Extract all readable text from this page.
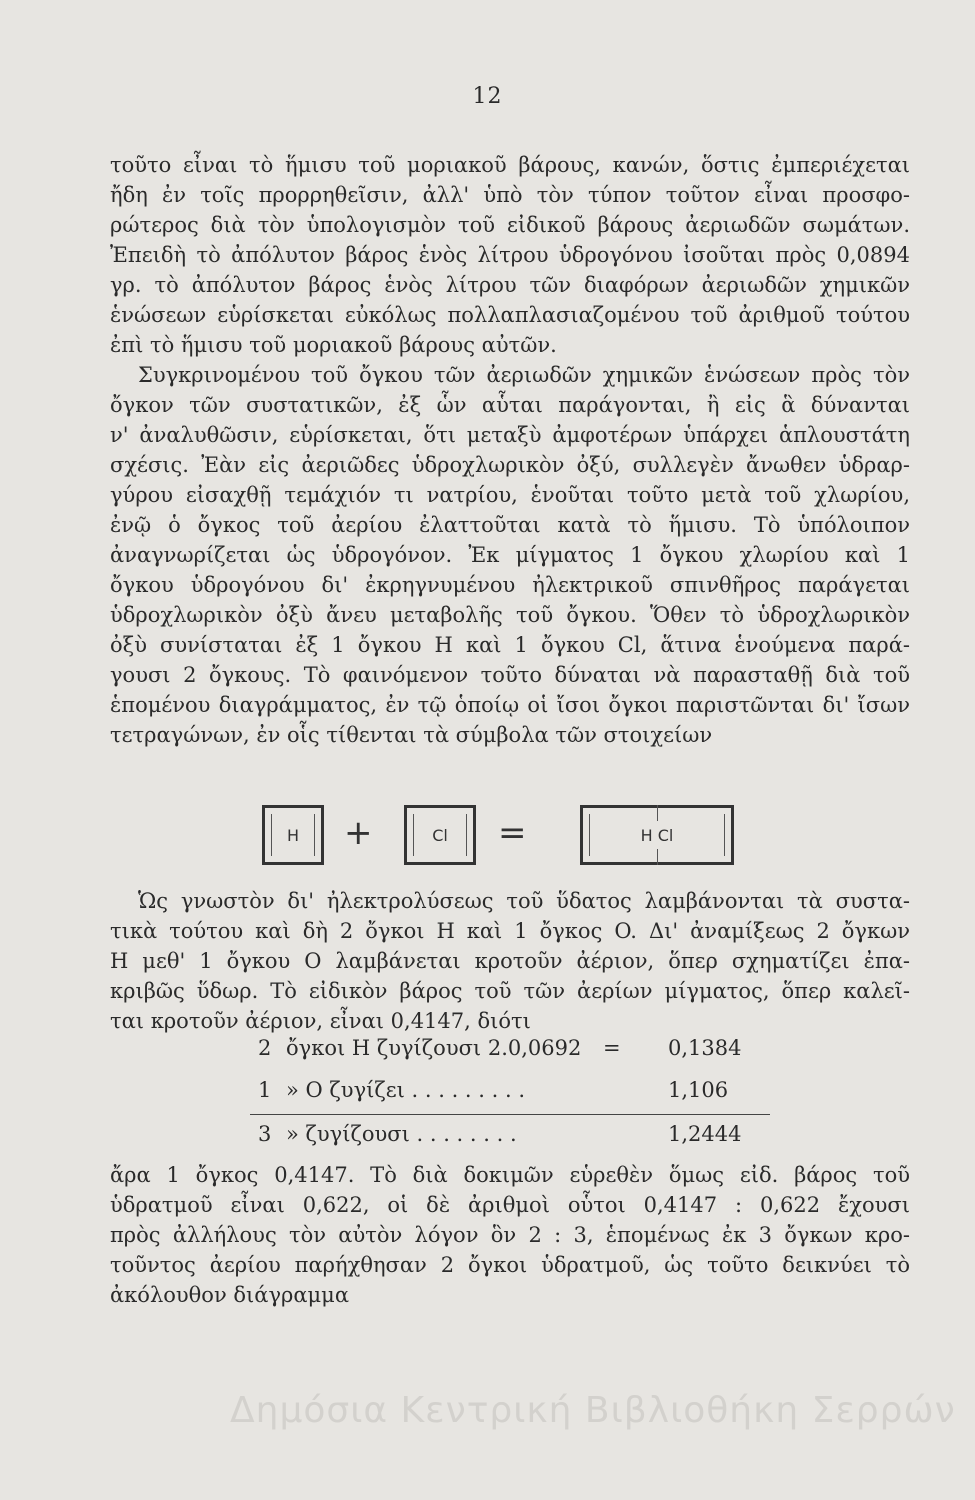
12
τοῦτο εἶναι τὸ ἥμισυ τοῦ μοριακοῦ βάρους, κανών, ὅστις ἐμπεριέχεται
ἤδη ἐν τοῖς προρρηθεῖσιν, ἀλλ' ὑπὸ τὸν τύπον τοῦτον εἶναι προσφο-
ρώτερος διὰ τὸν ὑπολογισμὸν τοῦ εἰδικοῦ βάρους ἀεριωδῶν σωμάτων.
Ἐπειδὴ τὸ ἀπόλυτον βάρος ἑνὸς λίτρου ὑδρογόνου ἰσοῦται πρὸς 0,0894
γρ. τὸ ἀπόλυτον βάρος ἑνὸς λίτρου τῶν διαφόρων ἀεριωδῶν χημικῶν
ἑνώσεων εὑρίσκεται εὐκόλως πολλαπλασιαζομένου τοῦ ἀριθμοῦ τούτου
ἐπὶ τὸ ἥμισυ τοῦ μοριακοῦ βάρους αὐτῶν.
Συγκρινομένου τοῦ ὄγκου τῶν ἀεριωδῶν χημικῶν ἑνώσεων πρὸς τὸν
ὄγκον τῶν συστατικῶν, ἐξ ὧν αὗται παράγονται, ἢ εἰς ἃ δύνανται
ν' ἀναλυθῶσιν, εὑρίσκεται, ὅτι μεταξὺ ἀμφοτέρων ὑπάρχει ἁπλουστάτη
σχέσις. Ἐὰν εἰς ἀεριῶδες ὑδροχλωρικὸν ὀξύ, συλλεγὲν ἄνωθεν ὑδραρ-
γύρου εἰσαχθῇ τεμάχιόν τι νατρίου, ἑνοῦται τοῦτο μετὰ τοῦ χλωρίου,
ἐνῷ ὁ ὄγκος τοῦ ἀερίου ἐλαττοῦται κατὰ τὸ ἥμισυ. Τὸ ὑπόλοιπον
ἀναγνωρίζεται ὡς ὑδρογόνον. Ἐκ μίγματος 1 ὄγκου χλωρίου καὶ 1
ὄγκου ὑδρογόνου δι' ἐκρηγνυμένου ἠλεκτρικοῦ σπινθῆρος παράγεται
ὑδροχλωρικὸν ὀξὺ ἄνευ μεταβολῆς τοῦ ὄγκου. Ὅθεν τὸ ὑδροχλωρικὸν
ὀξὺ συνίσταται ἐξ 1 ὄγκου H καὶ 1 ὄγκου Cl, ἅτινα ἑνούμενα παρά-
γουσι 2 ὄγκους. Τὸ φαινόμενον τοῦτο δύναται νὰ παρασταθῇ διὰ τοῦ
ἑπομένου διαγράμματος, ἐν τῷ ὁποίῳ οἱ ἴσοι ὄγκοι παριστῶνται δι' ἴσων
τετραγώνων, ἐν οἷς τίθενται τὰ σύμβολα τῶν στοιχείων
H +	Cl =	H Cl
Ὡς γνωστὸν δι' ἠλεκτρολύσεως τοῦ ὕδατος λαμβάνονται τὰ συστα-
τικὰ τούτου καὶ δὴ 2 ὄγκοι H καὶ 1 ὄγκος O. Δι' ἀναμίξεως 2 ὄγκων
H μεθ' 1 ὄγκου O λαμβάνεται κροτοῦν ἀέριον, ὅπερ σχηματίζει ἐπα-
κριβῶς ὕδωρ. Τὸ εἰδικὸν βάρος τοῦ τῶν ἀερίων μίγματος, ὅπερ καλεῖ-
ται κροτοῦν ἀέριον, εἶναι 0,4147, διότι
2 ὄγκοι H ζυγίζουσι 2.0,0692 = 0,1384
1 » O ζυγίζει . . . . . . . . .	1,106
3 » ζυγίζουσι . . . . . . . .	1,2444
ἄρα 1 ὄγκος 0,4147. Τὸ διὰ δοκιμῶν εὑρεθὲν ὅμως εἰδ. βάρος τοῦ
ὑδρατμοῦ εἶναι 0,622, οἱ δὲ ἀριθμοὶ οὗτοι 0,4147 : 0,622 ἔχουσι
πρὸς ἀλλήλους τὸν αὐτὸν λόγον ὃν 2 : 3, ἑπομένως ἐκ 3 ὄγκων κρο-
τοῦντος ἀερίου παρήχθησαν 2 ὄγκοι ὑδρατμοῦ, ὡς τοῦτο δεικνύει τὸ
ἀκόλουθον διάγραμμα
Δημόσια Κεντρική Βιβλιοθήκη Σερρών
